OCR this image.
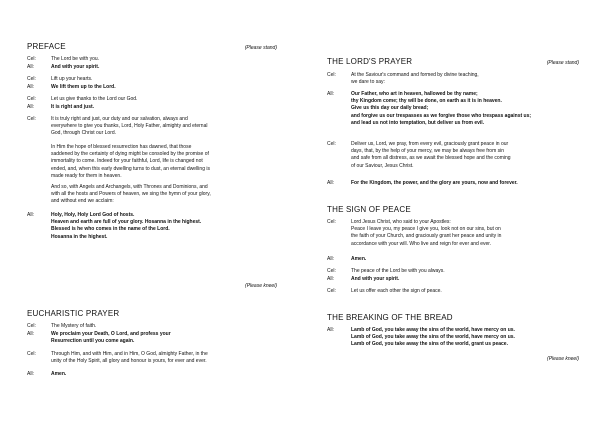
PREFACE	(Please stand)
Cel:	The Lord be with you.
All:	And with your spirit.
Cel:	Lift up your hearts.
All:	We lift them up to the Lord.
Cel:	Let us give thanks to the Lord our God.
All:	It is right and just.
Cel:	It is truly right and just, our duty and our salvation, always and
everywhere to give you thanks, Lord, Holy Father, almighty and eternal
God, through Christ our Lord.
In Him the hope of blessed resurrection has dawned, that those
saddened by the certainty of dying might be consoled by the promise of
immortality to come. Indeed for your faithful, Lord, life is changed not
ended, and, when this early dwelling turns to dust, an eternal dwelling is
made ready for them in heaven.
And so, with Angels and Archangels, with Thrones and Dominions, and
with all the hosts and Powers of heaven, we sing the hymn of your glory,
and without end we acclaim:
All:	Holy, Holy, Holy Lord God of hosts.
Heaven and earth are full of your glory. Hosanna in the highest.
Blessed is he who comes in the name of the Lord.
Hosanna in the highest.
(Please kneel)
EUCHARISTIC PRAYER
Cel:	The Mystery of faith.
All:	We proclaim your Death, O Lord, and profess your
Resurrection until you come again.
Cel:	Through Him, and with Him, and in Him, O God, almighty Father, in the
unity of the Holy Spirit, all glory and honour is yours, for ever and ever.
All:	Amen.
THE LORD'S PRAYER	(Please stand)
Cel:	At the Saviour's command and formed by divine teaching,
we dare to say:
All:	Our Father, who art in heaven, hallowed be thy name;
thy Kingdom come; thy will be done, on earth as it is in heaven.
Give us this day our daily bread;
and forgive us our trespasses as we forgive those who trespass against us;
and lead us not into temptation, but deliver us from evil.
Cel:	Deliver us, Lord, we pray, from every evil, graciously grant peace in our
days, that, by the help of your mercy, we may be always free from sin
and safe from all distress, as we await the blessed hope and the coming
of our Saviour, Jesus Christ.
All:	For the Kingdom, the power, and the glory are yours, now and forever.
THE SIGN OF PEACE
Cel:	Lord Jesus Christ, who said to your Apostles:
Peace I leave you, my peace I give you, look not on our sins, but on
the faith of your Church, and graciously grant her peace and unity in
accordance with your will. Who live and reign for ever and ever.
All:	Amen.
Cel:	The peace of the Lord be with you always.
All:	And with your spirit.
Cel:	Let us offer each other the sign of peace.
THE BREAKING OF THE BREAD
All:	Lamb of God, you take away the sins of the world, have mercy on us.
Lamb of God, you take away the sins of the world, have mercy on us.
Lamb of God, you take away the sins of the world, grant us peace.
(Please kneel)
